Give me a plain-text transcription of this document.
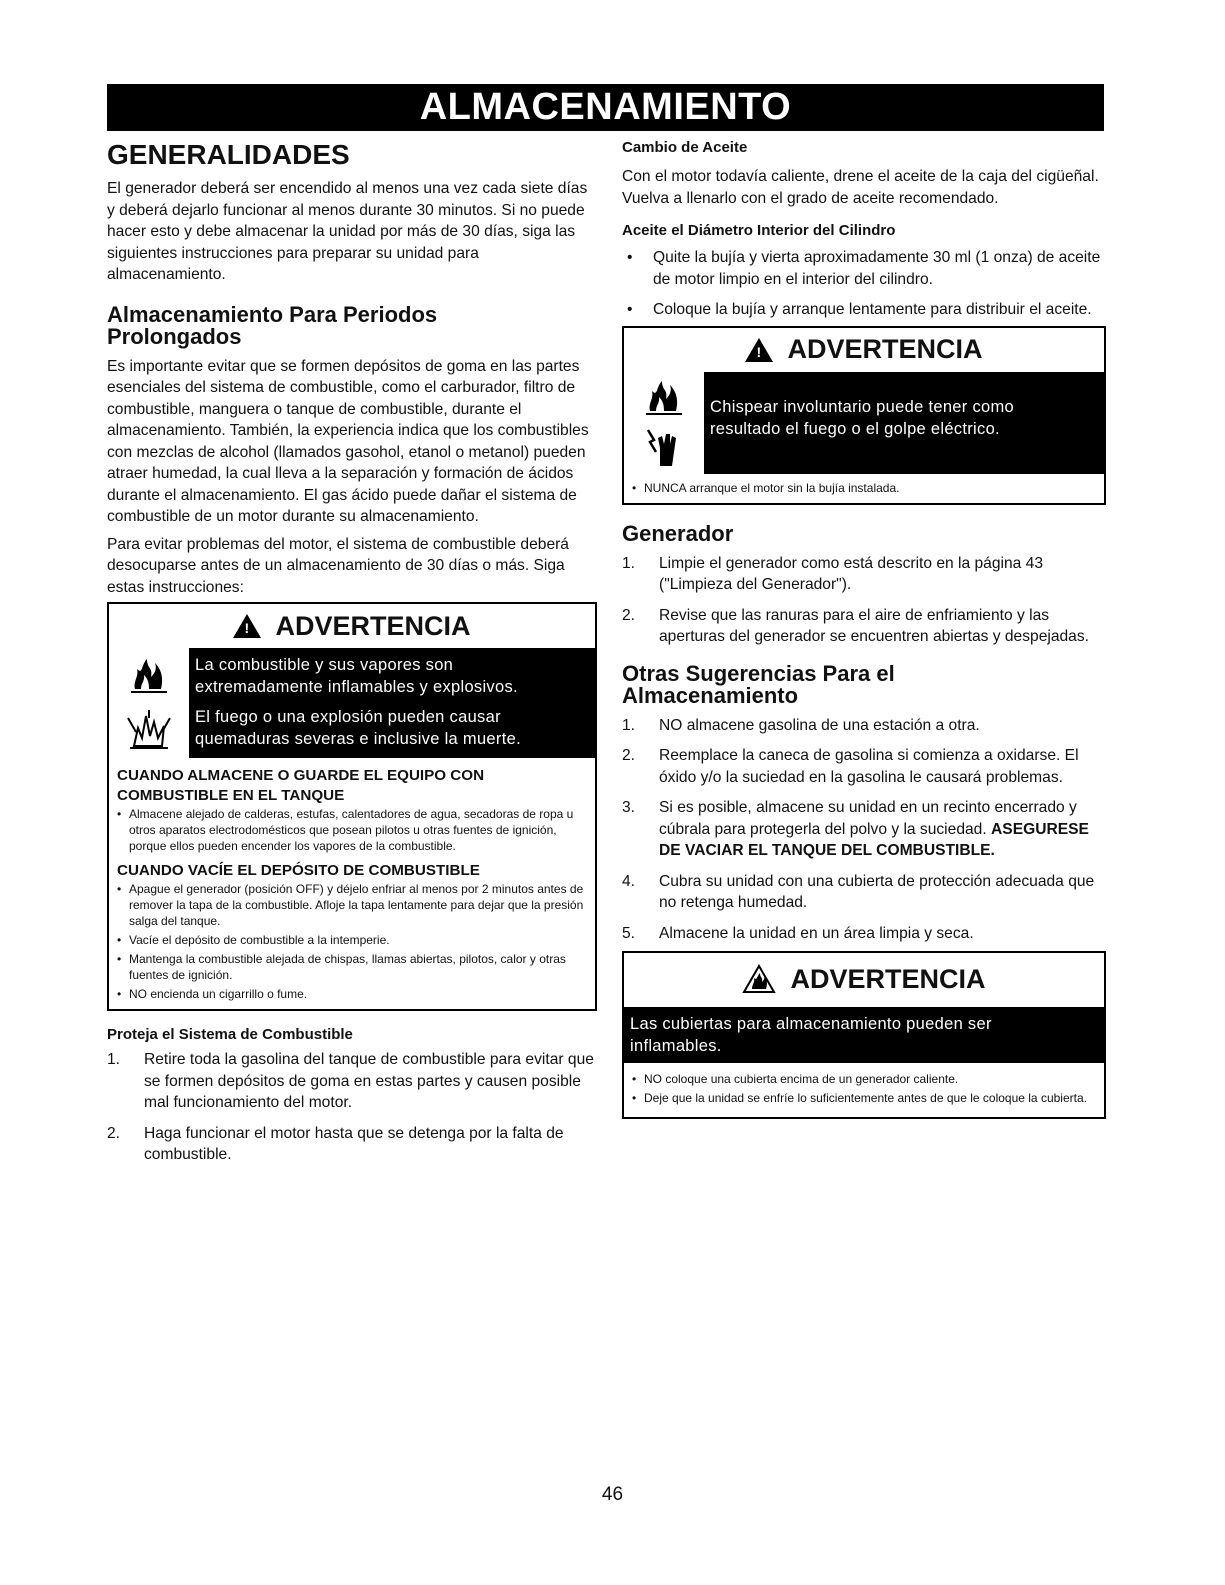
ALMACENAMIENTO
GENERALIDADES
El generador deberá ser encendido al menos una vez cada siete días y deberá dejarlo funcionar al menos durante 30 minutos. Si no puede hacer esto y debe almacenar la unidad por más de 30 días, siga las siguientes instrucciones para preparar su unidad para almacenamiento.
Almacenamiento Para Periodos
Prolongados
Es importante evitar que se formen depósitos de goma en las partes esenciales del sistema de combustible, como el carburador, filtro de combustible, manguera o tanque de combustible, durante el almacenamiento. También, la experiencia indica que los combustibles con mezclas de alcohol (llamados gasohol, etanol o metanol) pueden atraer humedad, la cual lleva a la separación y formación de ácidos durante el almacenamiento. El gas ácido puede dañar el sistema de combustible de un motor durante su almacenamiento.
Para evitar problemas del motor, el sistema de combustible deberá desocuparse antes de un almacenamiento de 30 días o más. Siga estas instrucciones:
! ADVERTENCIA

La combustible y sus vapores son

extremadamente inflamables y explosivos.

El fuego o una explosión pueden causar

quemaduras severas e inclusive la muerte.

CUANDO ALMACENE O GUARDE EL EQUIPO CON
COMBUSTIBLE EN EL TANQUE
• Almacene alejado de calderas, estufas, calentadores de agua, secadoras de ropa u otros aparatos electrodomésticos que posean pilotos u otras fuentes de ignición, porque ellos pueden encender los vapores de la combustible.
CUANDO VACÍE EL DEPÓSITO DE COMBUSTIBLE
• Apague el generador (posición OFF) y déjelo enfriar al menos por 2 minutos antes de remover la tapa de la combustible. Afloje la tapa lentamente para dejar que la presión salga del tanque.
• Vacíe el depósito de combustible a la intemperie.
• Mantenga la combustible alejada de chispas, llamas abiertas, pilotos, calor y otras fuentes de ignición.
• NO encienda un cigarrillo o fume.
Proteja el Sistema de Combustible
1. Retire toda la gasolina del tanque de combustible para evitar que se formen depósitos de goma en estas partes y causen posible mal funcionamiento del motor.
2. Haga funcionar el motor hasta que se detenga por la falta de combustible.
Cambio de Aceite
Con el motor todavía caliente, drene el aceite de la caja del cigüeñal. Vuelva a llenarlo con el grado de aceite recomendado.
Aceite el Diámetro Interior del Cilindro
• Quite la bujía y vierta aproximadamente 30 ml (1 onza) de aceite de motor limpio en el interior del cilindro.
• Coloque la bujía y arranque lentamente para distribuir el aceite.
! ADVERTENCIA

Chispear involuntario puede tener como

resultado el fuego o el golpe eléctrico.

• NUNCA arranque el motor sin la bujía instalada.
Generador
1. Limpie el generador como está descrito en la página 43 ("Limpieza del Generador").
2. Revise que las ranuras para el aire de enfriamiento y las aperturas del generador se encuentren abiertas y despejadas.
Otras Sugerencias Para el
Almacenamiento
1. NO almacene gasolina de una estación a otra.
2. Reemplace la caneca de gasolina si comienza a oxidarse. El óxido y/o la suciedad en la gasolina le causará problemas.
3. Si es posible, almacene su unidad en un recinto encerrado y cúbrala para protegerla del polvo y la suciedad. ASEGURESE DE VACIAR EL TANQUE DEL COMBUSTIBLE.
4. Cubra su unidad con una cubierta de protección adecuada que no retenga humedad.
5. Almacene la unidad en un área limpia y seca.
ADVERTENCIA

Las cubiertas para almacenamiento pueden ser

inflamables.

• NO coloque una cubierta encima de un generador caliente.
• Deje que la unidad se enfríe lo suficientemente antes de que le coloque la cubierta.
46
